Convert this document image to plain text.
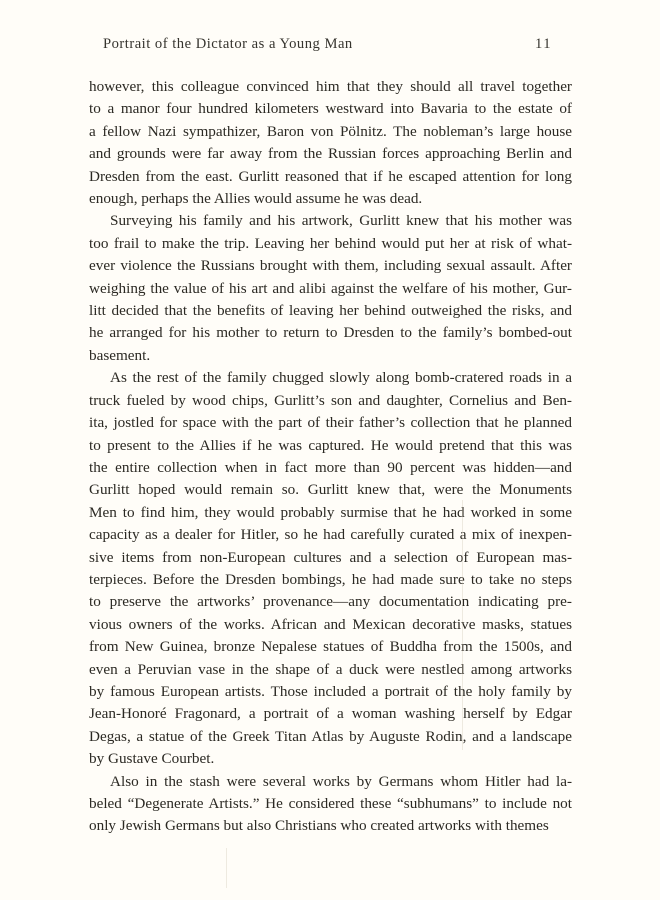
Portrait of the Dictator as a Young Man	11
however, this colleague convinced him that they should all travel together
to a manor four hundred kilometers westward into Bavaria to the estate of
a fellow Nazi sympathizer, Baron von Pölnitz. The nobleman’s large house
and grounds were far away from the Russian forces approaching Berlin and
Dresden from the east. Gurlitt reasoned that if he escaped attention for long
enough, perhaps the Allies would assume he was dead.
Surveying his family and his artwork, Gurlitt knew that his mother was
too frail to make the trip. Leaving her behind would put her at risk of what-
ever violence the Russians brought with them, including sexual assault. After
weighing the value of his art and alibi against the welfare of his mother, Gur-
litt decided that the benefits of leaving her behind outweighed the risks, and
he arranged for his mother to return to Dresden to the family’s bombed-out
basement.
As the rest of the family chugged slowly along bomb-cratered roads in a
truck fueled by wood chips, Gurlitt’s son and daughter, Cornelius and Ben-
ita, jostled for space with the part of their father’s collection that he planned
to present to the Allies if he was captured. He would pretend that this was
the entire collection when in fact more than 90 percent was hidden—and
Gurlitt hoped would remain so. Gurlitt knew that, were the Monuments
Men to find him, they would probably surmise that he had worked in some
capacity as a dealer for Hitler, so he had carefully curated a mix of inexpen-
sive items from non-European cultures and a selection of European mas-
terpieces. Before the Dresden bombings, he had made sure to take no steps
to preserve the artworks’ provenance—any documentation indicating pre-
vious owners of the works. African and Mexican decorative masks, statues
from New Guinea, bronze Nepalese statues of Buddha from the 1500s, and
even a Peruvian vase in the shape of a duck were nestled among artworks
by famous European artists. Those included a portrait of the holy family by
Jean-Honoré Fragonard, a portrait of a woman washing herself by Edgar
Degas, a statue of the Greek Titan Atlas by Auguste Rodin, and a landscape
by Gustave Courbet.
Also in the stash were several works by Germans whom Hitler had la-
beled “Degenerate Artists.” He considered these “subhumans” to include not
only Jewish Germans but also Christians who created artworks with themes
